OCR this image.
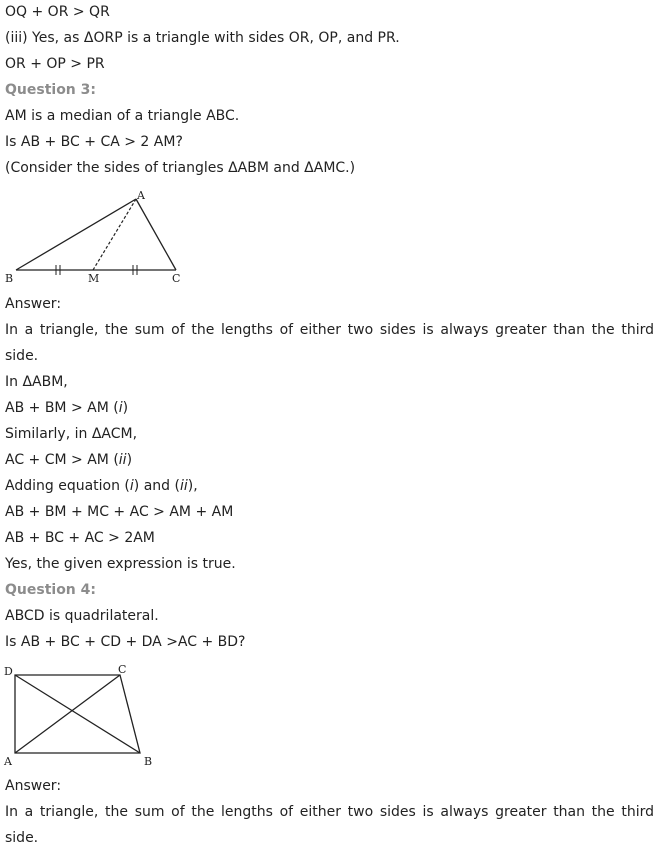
OQ + OR > QR
(iii) Yes, as ΔORP is a triangle with sides OR, OP, and PR.
OR + OP > PR
Question 3:
AM is a median of a triangle ABC.
Is AB + BC + CA > 2 AM?
(Consider the sides of triangles ΔABM and ΔAMC.)
A
B	M	C
Answer:
In a triangle, the sum of the lengths of either two sides is always greater than the third
side.
In ΔABM,
AB + BM > AM (i)
Similarly, in ΔACM,
AC + CM > AM (ii)
Adding equation (i) and (ii),
AB + BM + MC + AC > AM + AM
AB + BC + AC > 2AM
Yes, the given expression is true.
Question 4:
ABCD is quadrilateral.
Is AB + BC + CD + DA >AC + BD?
D	C
A	B
Answer:
In a triangle, the sum of the lengths of either two sides is always greater than the third
side.
